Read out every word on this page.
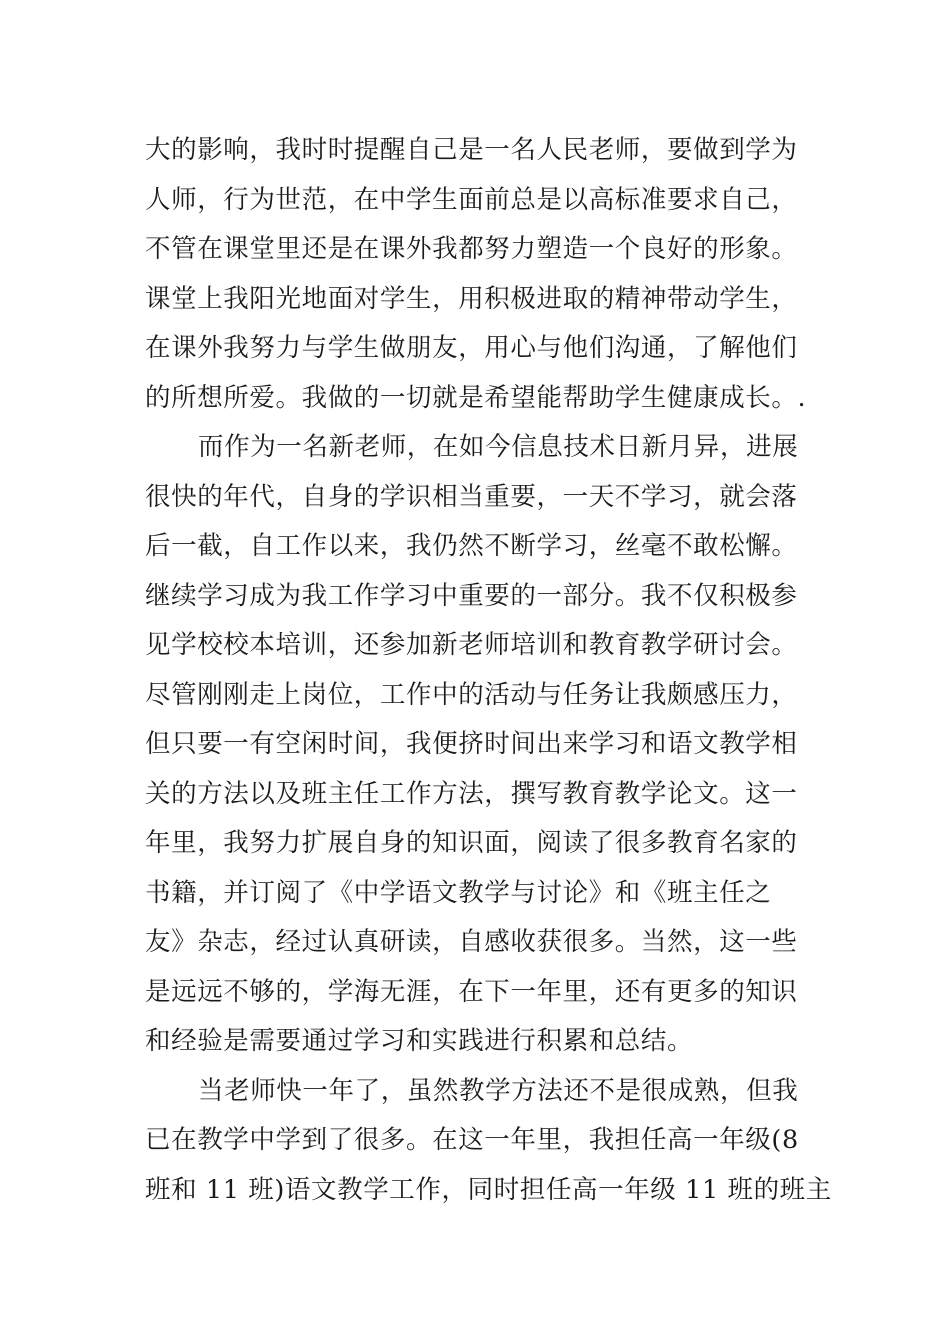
大的影响，我时时提醒自己是一名人民老师，要做到学为
人师，行为世范，在中学生面前总是以高标准要求自己，
不管在课堂里还是在课外我都努力塑造一个良好的形象。
课堂上我阳光地面对学生，用积极进取的精神带动学生，
在课外我努力与学生做朋友，用心与他们沟通，了解他们
的所想所爱。我做的一切就是希望能帮助学生健康成长。.
而作为一名新老师，在如今信息技术日新月异，进展
很快的年代，自身的学识相当重要，一天不学习，就会落
后一截，自工作以来，我仍然不断学习，丝毫不敢松懈。
继续学习成为我工作学习中重要的一部分。我不仅积极参
见学校校本培训，还参加新老师培训和教育教学研讨会。
尽管刚刚走上岗位，工作中的活动与任务让我颇感压力，
但只要一有空闲时间，我便挤时间出来学习和语文教学相
关的方法以及班主任工作方法，撰写教育教学论文。这一
年里，我努力扩展自身的知识面，阅读了很多教育名家的
书籍，并订阅了《中学语文教学与讨论》和《班主任之
友》杂志，经过认真研读，自感收获很多。当然，这一些
是远远不够的，学海无涯，在下一年里，还有更多的知识
和经验是需要通过学习和实践进行积累和总结。
当老师快一年了，虽然教学方法还不是很成熟，但我
已在教学中学到了很多。在这一年里，我担任高一年级(8
班和 11 班)语文教学工作，同时担任高一年级 11 班的班主
